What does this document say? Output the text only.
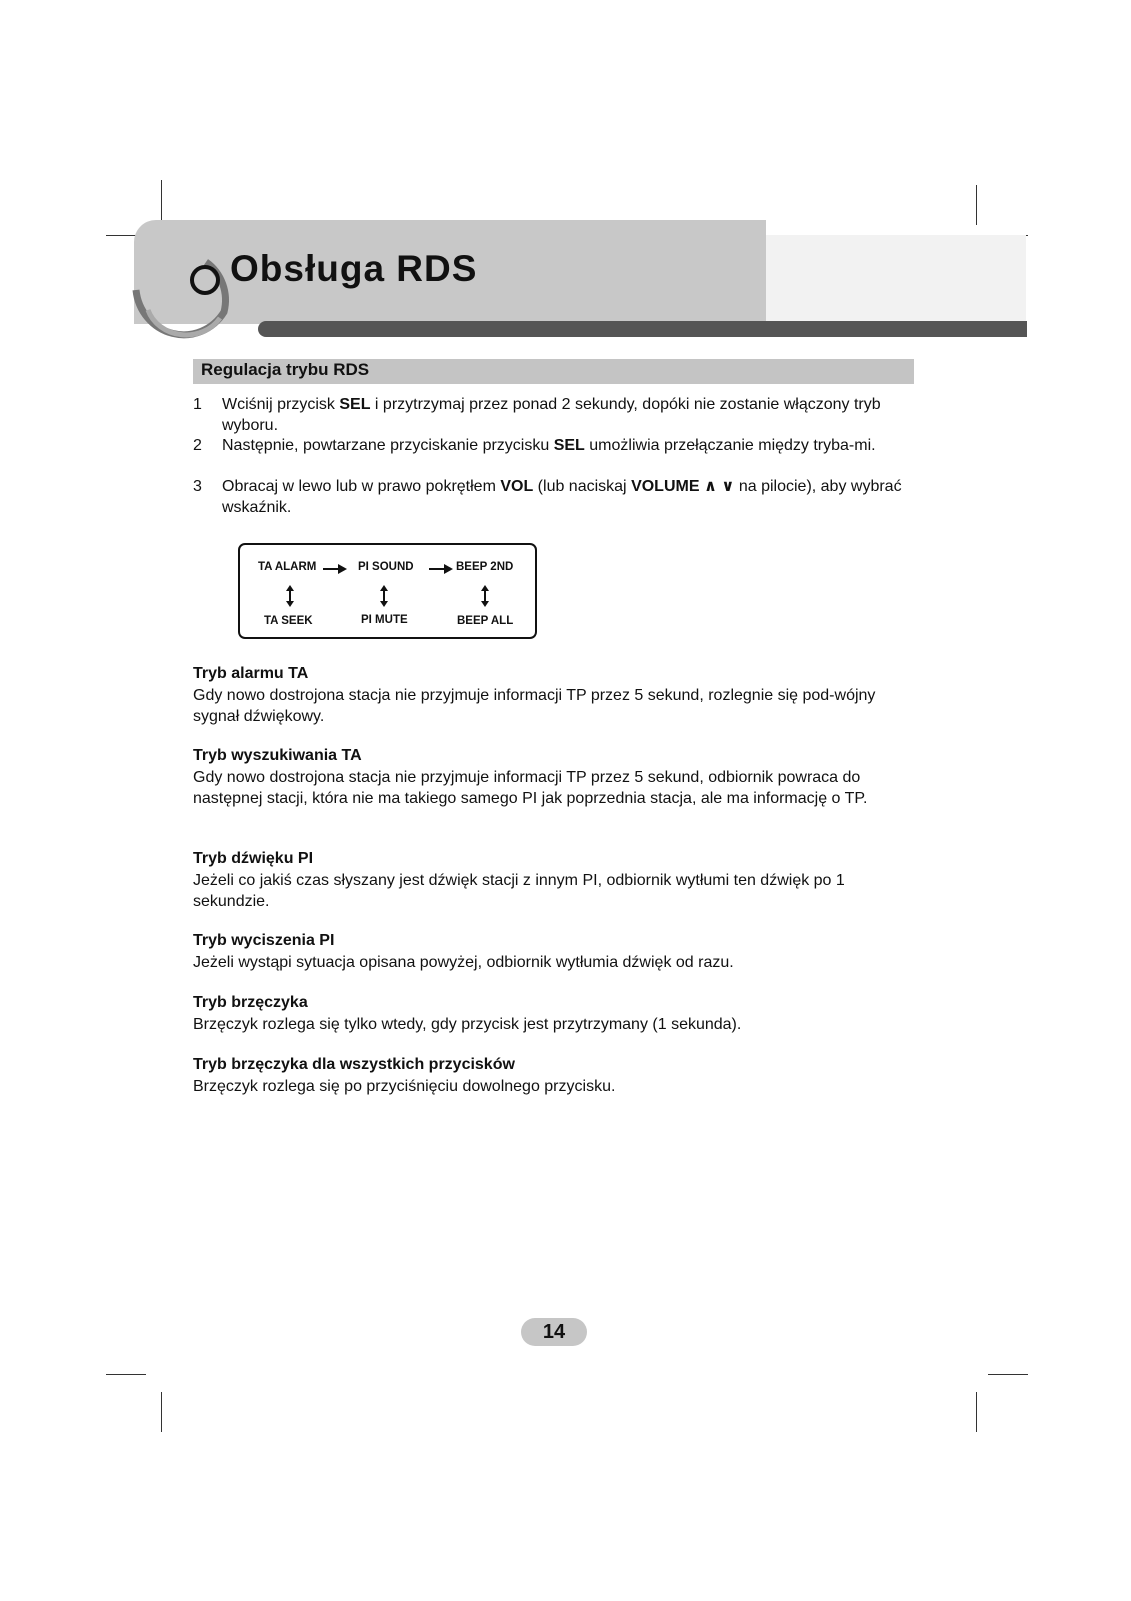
Obsługa RDS
Regulacja trybu RDS
1 Wciśnij przycisk SEL i przytrzymaj przez ponad 2 sekundy, dopóki nie zostanie włączony tryb wyboru.
2 Następnie, powtarzane przyciskanie przycisku SEL umożliwia przełączanie między tryba-mi.
3 Obracaj w lewo lub w prawo pokrętłem VOL (lub naciskaj VOLUME ∧ ∨ na pilocie), aby wybrać wskaźnik.
TA ALARM	PI SOUND	BEEP 2ND
TA SEEK	PI MUTE	BEEP ALL
Tryb alarmu TA
Gdy nowo dostrojona stacja nie przyjmuje informacji TP przez 5 sekund, rozlegnie się pod-wójny sygnał dźwiękowy.
Tryb wyszukiwania TA
Gdy nowo dostrojona stacja nie przyjmuje informacji TP przez 5 sekund, odbiornik powraca do następnej stacji, która nie ma takiego samego PI jak poprzednia stacja, ale ma informację o TP.
Tryb dźwięku PI
Jeżeli co jakiś czas słyszany jest dźwięk stacji z innym PI, odbiornik wytłumi ten dźwięk po 1 sekundzie.
Tryb wyciszenia PI
Jeżeli wystąpi sytuacja opisana powyżej, odbiornik wytłumia dźwięk od razu.
Tryb brzęczyka
Brzęczyk rozlega się tylko wtedy, gdy przycisk jest przytrzymany (1 sekunda).
Tryb brzęczyka dla wszystkich przycisków
Brzęczyk rozlega się po przyciśnięciu dowolnego przycisku.
14
